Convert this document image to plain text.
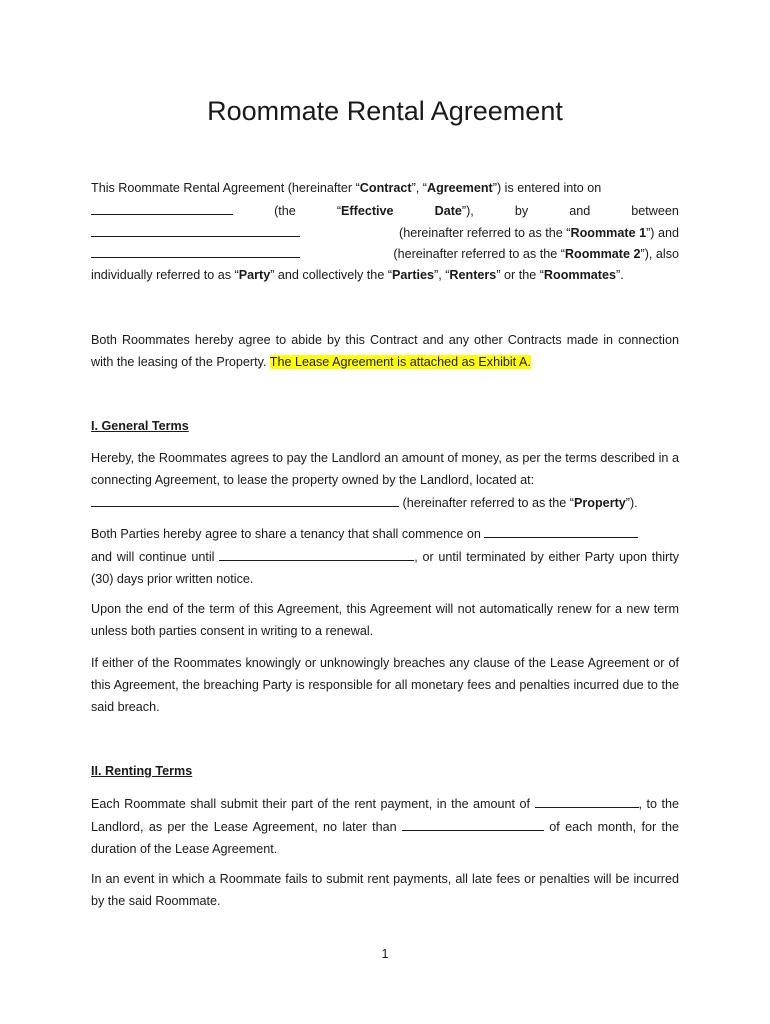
Roommate Rental Agreement
This Roommate Rental Agreement (hereinafter “Contract”, “Agreement”) is entered into on
(the	“Effective	Date”),	by	and	between
(hereinafter referred to as the “Roommate 1”) and
(hereinafter referred to as the “Roommate 2”), also
individually referred to as “Party” and collectively the “Parties”, “Renters” or the “Roommates”.

Both Roommates hereby agree to abide by this Contract and any other Contracts made in connection with the leasing of the Property. The Lease Agreement is attached as Exhibit A.

I. General Terms

Hereby, the Roommates agrees to pay the Landlord an amount of money, as per the terms described in a connecting Agreement, to lease the property owned by the Landlord, located at:
(hereinafter referred to as the “Property”).

Both Parties hereby agree to share a tenancy that shall commence on
and will continue until	, or until terminated by either Party upon thirty (30) days prior written notice.

Upon the end of the term of this Agreement, this Agreement will not automatically renew for a new term unless both parties consent in writing to a renewal.

If either of the Roommates knowingly or unknowingly breaches any clause of the Lease Agreement or of this Agreement, the breaching Party is responsible for all monetary fees and penalties incurred due to the said breach.

II. Renting Terms

Each Roommate shall submit their part of the rent payment, in the amount of	, to the Landlord, as per the Lease Agreement, no later than	of each month, for the duration of the Lease Agreement.

In an event in which a Roommate fails to submit rent payments, all late fees or penalties will be incurred by the said Roommate.

1
